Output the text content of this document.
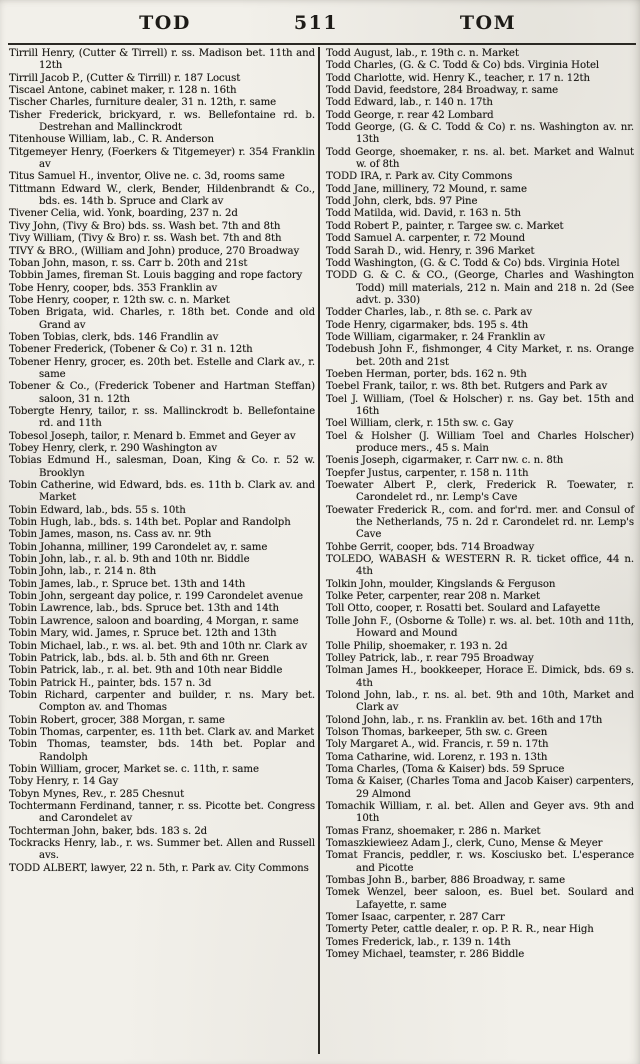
TOD	511	TOM

Tirrill Henry, (Cutter & Tirrell) r. ss. Madison bet. 11th and 12th

Tirrill Jacob P., (Cutter & Tirrill) r. 187 Locust

Tiscael Antone, cabinet maker, r. 128 n. 16th

Tischer Charles, furniture dealer, 31 n. 12th, r. same

Tisher Frederick, brickyard, r. ws. Bellefontaine rd. b. Destrehan and Mallinckrodt

Titenhouse William, lab., C. R. Anderson

Titgemeyer Henry, (Foerkers & Titgemeyer) r. 354 Franklin av

Titus Samuel H., inventor, Olive ne. c. 3d, rooms same

Tittmann Edward W., clerk, Bender, Hildenbrandt & Co., bds. es. 14th b. Spruce and Clark av

Tivener Celia, wid. Yonk, boarding, 237 n. 2d

Tivy John, (Tivy & Bro) bds. ss. Wash bet. 7th and 8th

Tivy William, (Tivy & Bro) r. ss. Wash bet. 7th and 8th

TIVY & BRO., (William and John) produce, 270 Broadway

Toban John, mason, r. ss. Carr b. 20th and 21st

Tobbin James, fireman St. Louis bagging and rope factory

Tobe Henry, cooper, bds. 353 Franklin av

Tobe Henry, cooper, r. 12th sw. c. n. Market

Toben Brigata, wid. Charles, r. 18th bet. Conde and old Grand av

Toben Tobias, clerk, bds. 146 Frandlin av

Tobener Frederick, (Tobener & Co) r. 31 n. 12th

Tobener Henry, grocer, es. 20th bet. Estelle and Clark av., r. same

Tobener & Co., (Frederick Tobener and Hartman Steffan) saloon, 31 n. 12th

Tobergte Henry, tailor, r. ss. Mallinckrodt b. Bellefontaine rd. and 11th

Tobesol Joseph, tailor, r. Menard b. Emmet and Geyer av

Tobey Henry, clerk, r. 290 Washington av

Tobias Edmund H., salesman, Doan, King & Co. r. 52 w. Brooklyn

Tobin Catherine, wid Edward, bds. es. 11th b. Clark av. and Market

Tobin Edward, lab., bds. 55 s. 10th

Tobin Hugh, lab., bds. s. 14th bet. Poplar and Randolph

Tobin James, mason, ns. Cass av. nr. 9th

Tobin Johanna, milliner, 199 Carondelet av, r. same

Tobin John, lab., r. al. b. 9th and 10th nr. Biddle

Tobin John, lab., r. 214 n. 8th

Tobin James, lab., r. Spruce bet. 13th and 14th

Tobin John, sergeant day police, r. 199 Carondelet avenue

Tobin Lawrence, lab., bds. Spruce bet. 13th and 14th

Tobin Lawrence, saloon and boarding, 4 Morgan, r. same

Tobin Mary, wid. James, r. Spruce bet. 12th and 13th

Tobin Michael, lab., r. ws. al. bet. 9th and 10th nr. Clark av

Tobin Patrick, lab., bds. al. b. 5th and 6th nr. Green

Tobin Patrick, lab., r. al. bet. 9th and 10th near Biddle

Tobin Patrick H., painter, bds. 157 n. 3d

Tobin Richard, carpenter and builder, r. ns. Mary bet. Compton av. and Thomas

Tobin Robert, grocer, 388 Morgan, r. same

Tobin Thomas, carpenter, es. 11th bet. Clark av. and Market

Tobin Thomas, teamster, bds. 14th bet. Poplar and Randolph

Tobin William, grocer, Market se. c. 11th, r. same

Toby Henry, r. 14 Gay

Tobyn Mynes, Rev., r. 285 Chesnut

Tochtermann Ferdinand, tanner, r. ss. Picotte bet. Congress and Carondelet av

Tochterman John, baker, bds. 183 s. 2d

Tockracks Henry, lab., r. ws. Summer bet. Allen and Russell avs.

TODD ALBERT, lawyer, 22 n. 5th, r. Park av. City Commons

Todd August, lab., r. 19th c. n. Market

Todd Charles, (G. & C. Todd & Co) bds. Virginia Hotel

Todd Charlotte, wid. Henry K., teacher, r. 17 n. 12th

Todd David, feedstore, 284 Broadway, r. same

Todd Edward, lab., r. 140 n. 17th

Todd George, r. rear 42 Lombard

Todd George, (G. & C. Todd & Co) r. ns. Washington av. nr. 13th

Todd George, shoemaker, r. ns. al. bet. Market and Walnut w. of 8th

TODD IRA, r. Park av. City Commons

Todd Jane, millinery, 72 Mound, r. same

Todd John, clerk, bds. 97 Pine

Todd Matilda, wid. David, r. 163 n. 5th

Todd Robert P., painter, r. Targee sw. c. Market

Todd Samuel A. carpenter, r. 72 Mound

Todd Sarah D., wid. Henry, r. 396 Market

Todd Washington, (G. & C. Todd & Co) bds. Virginia Hotel

TODD G. & C. & CO., (George, Charles and Washington Todd) mill materials, 212 n. Main and 218 n. 2d (See advt. p. 330)

Todder Charles, lab., r. 8th se. c. Park av

Tode Henry, cigarmaker, bds. 195 s. 4th

Tode William, cigarmaker, r. 24 Franklin av

Todebush John F., fishmonger, 4 City Market, r. ns. Orange bet. 20th and 21st

Toeben Herman, porter, bds. 162 n. 9th

Toebel Frank, tailor, r. ws. 8th bet. Rutgers and Park av

Toel J. William, (Toel & Holscher) r. ns. Gay bet. 15th and 16th

Toel William, clerk, r. 15th sw. c. Gay

Toel & Holsher (J. William Toel and Charles Holscher) produce mers., 45 s. Main

Toenis Joseph, cigarmaker, r. Carr nw. c. n. 8th

Toepfer Justus, carpenter, r. 158 n. 11th

Toewater Albert P., clerk, Frederick R. Toewater, r. Carondelet rd., nr. Lemp's Cave

Toewater Frederick R., com. and for'rd. mer. and Consul of the Netherlands, 75 n. 2d r. Carondelet rd. nr. Lemp's Cave

Tohbe Gerrit, cooper, bds. 714 Broadway

TOLEDO, WABASH & WESTERN R. R. ticket office, 44 n. 4th

Tolkin John, moulder, Kingslands & Ferguson

Tolke Peter, carpenter, rear 208 n. Market

Toll Otto, cooper, r. Rosatti bet. Soulard and Lafayette

Tolle John F., (Osborne & Tolle) r. ws. al. bet. 10th and 11th, Howard and Mound

Tolle Philip, shoemaker, r. 193 n. 2d

Tolley Patrick, lab., r. rear 795 Broadway

Tolman James H., bookkeeper, Horace E. Dimick, bds. 69 s. 4th

Tolond John, lab., r. ns. al. bet. 9th and 10th, Market and Clark av

Tolond John, lab., r. ns. Franklin av. bet. 16th and 17th

Tolson Thomas, barkeeper, 5th sw. c. Green

Toly Margaret A., wid. Francis, r. 59 n. 17th

Toma Catharine, wid. Lorenz, r. 193 n. 13th

Toma Charles, (Toma & Kaiser) bds. 59 Spruce

Toma & Kaiser, (Charles Toma and Jacob Kaiser) carpenters, 29 Almond

Tomachik William, r. al. bet. Allen and Geyer avs. 9th and 10th

Tomas Franz, shoemaker, r. 286 n. Market

Tomaszkiewieez Adam J., clerk, Cuno, Mense & Meyer

Tomat Francis, peddler, r. ws. Kosciusko bet. L'esperance and Picotte

Tombas John B., barber, 886 Broadway, r. same

Tomek Wenzel, beer saloon, es. Buel bet. Soulard and Lafayette, r. same

Tomer Isaac, carpenter, r. 287 Carr

Tomerty Peter, cattle dealer, r. op. P. R. R., near High

Tomes Frederick, lab., r. 139 n. 14th

Tomey Michael, teamster, r. 286 Biddle
